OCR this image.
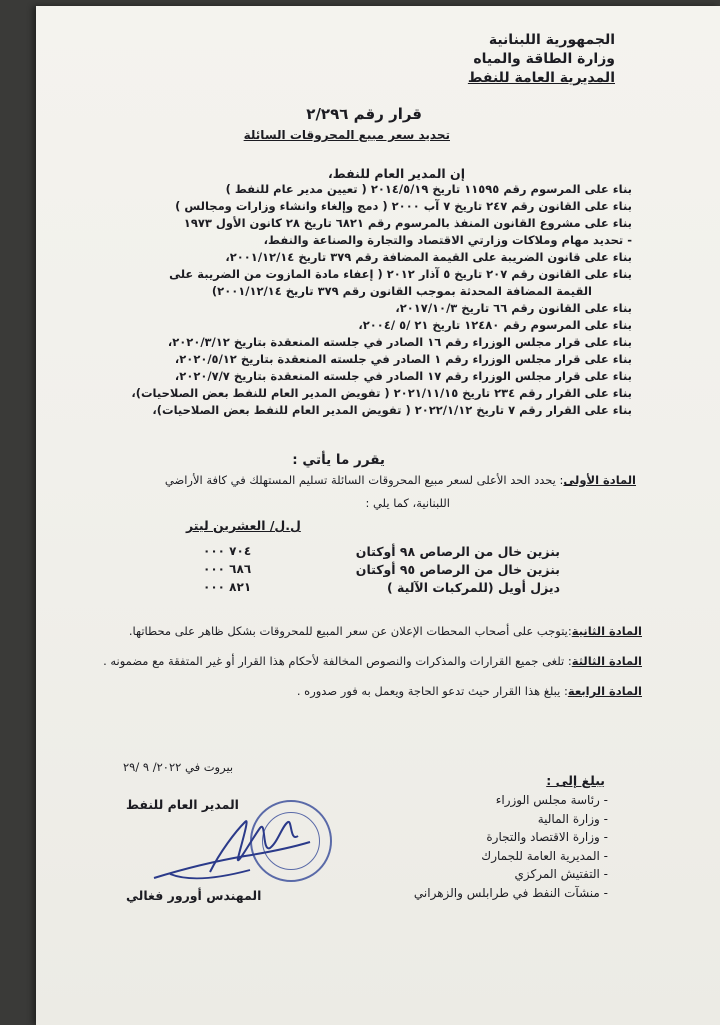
الجمهورية اللبنانية
وزارة الطاقة والمياه
المديرية العامة للنفط
قرار رقم ٢/٢٩٦
تحديد سعر مبيع المحروقات السائلة
إن المدير العام للنفط،
بناء على المرسوم رقم ١١٥٩٥ تاريخ ٢٠١٤/٥/١٩ ( تعيين مدير عام للنفط )
بناء على القانون رقم ٢٤٧ تاريخ ٧ آب ٢٠٠٠ ( دمج وإلغاء وانشاء وزارات ومجالس )
بناء على مشروع القانون المنفذ بالمرسوم رقم ٦٨٢١ تاريخ ٢٨ كانون الأول ١٩٧٣
- تحديد مهام وملاكات وزارتي الاقتصاد والتجارة والصناعة والنفط،
بناء على قانون الضريبة على القيمة المضافة رقم ٣٧٩ تاريخ ٢٠٠١/١٢/١٤،
بناء على القانون رقم ٢٠٧ تاريخ ٥ آذار ٢٠١٢ ( إعفاء مادة المازوت من الضريبة على
القيمة المضافة المحدثة بموجب القانون رقم ٣٧٩ تاريخ ٢٠٠١/١٢/١٤)
بناء على القانون رقم ٦٦ تاريخ ٢٠١٧/١٠/٣،
بناء على المرسوم رقم ١٢٤٨٠ تاريخ ٢١ /٥ /٢٠٠٤،
بناء على قرار مجلس الوزراء رقم ١٦ الصادر في جلسته المنعقدة بتاريخ ٢٠٢٠/٣/١٢،
بناء على قرار مجلس الوزراء رقم ١ الصادر في جلسته المنعقدة بتاريخ ٢٠٢٠/٥/١٢،
بناء على قرار مجلس الوزراء رقم ١٧ الصادر في جلسته المنعقدة بتاريخ ٢٠٢٠/٧/٧،
بناء على القرار رقم ٢٣٤ تاريخ ٢٠٢١/١١/١٥ ( تفويض المدير العام للنفط بعض الصلاحيات)،
بناء على القرار رقم ٧ تاريخ ٢٠٢٢/١/١٢ ( تفويض المدير العام للنفط بعض الصلاحيات)،
يقرر ما يأتي :
المادة الأولى: يحدد الحد الأعلى لسعر مبيع المحروقات السائلة تسليم المستهلك في كافة الأراضي
اللبنانية، كما يلي :
ل.ل/ العشرين ليتر
بنزين خال من الرصاص ٩٨ أوكتان
٧٠٤ ٠٠٠
بنزين خال من الرصاص ٩٥ أوكتان
٦٨٦ ٠٠٠
ديزل أويل (للمركبات الآلية )
٨٢١ ٠٠٠
المادة الثانية:يتوجب على أصحاب المحطات الإعلان عن سعر المبيع للمحروقات بشكل ظاهر على محطاتها.
المادة الثالثة: تلغى جميع القرارات والمذكرات والنصوص المخالفة لأحكام هذا القرار أو غير المتفقة مع مضمونه .
المادة الرابعة: يبلغ هذا القرار حيث تدعو الحاجة ويعمل به فور صدوره .
بيروت في ٢٠٢٢/ ٩ /٢٩
يبلغ إلى :
- رئاسة مجلس الوزراء
- وزارة المالية
- وزارة الاقتصاد والتجارة
- المديرية العامة للجمارك
- التفتيش المركزي
- منشآت النفط في طرابلس والزهراني
المدير العام للنفط
المهندس أورور فغالي
